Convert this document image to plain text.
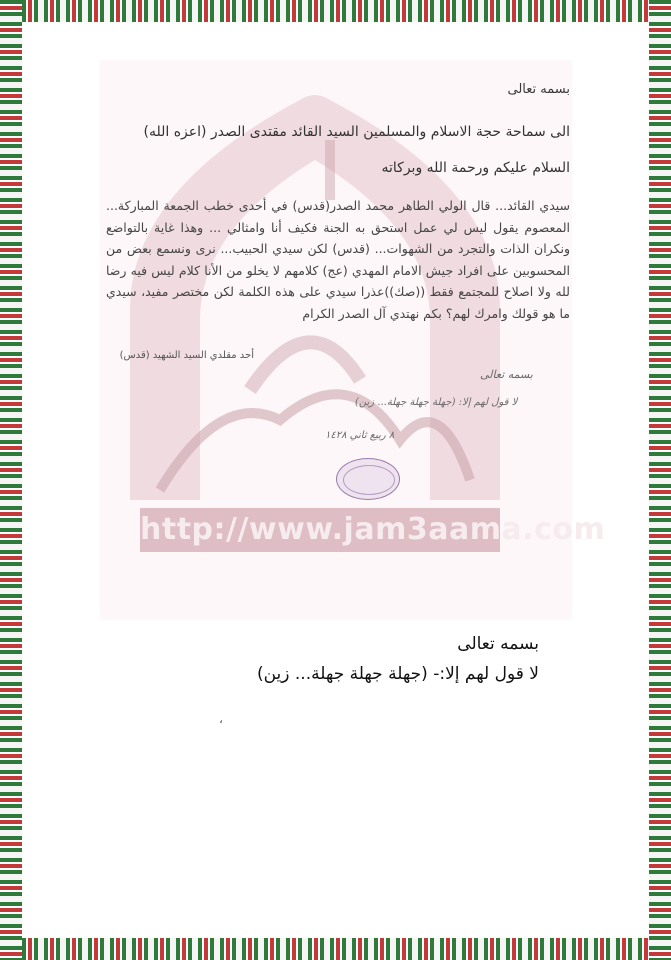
http://www.jam3aama.com
بسمه تعالى
الى سماحة حجة الاسلام والمسلمين السيد القائد مقتدى الصدر (اعزه الله)
السلام عليكم ورحمة الله وبركاته
سيدي القائد... قال الولي الطاهر محمد الصدر(قدس) في أحدى خطب الجمعة المباركة... المعصوم يقول ليس لي عمل استحق به الجنة فكيف أنا وامثالي ... وهذا غاية بالتواضع ونكران الذات والتجرد من الشهوات... (قدس) لكن سيدي الحبيب... نرى ونسمع بعض من المحسوبين على افراد جيش الامام المهدي (عج) كلامهم لا يخلو من الأنا كلام ليس فيه رضا لله ولا اصلاح للمجتمع فقط ((صك))عذرا سيدي على هذه الكلمة لكن مختصر مفيد، سيدي ما هو قولك وامرك لهم؟ بكم نهتدي آل الصدر الكرام
أحد مقلدي السيد الشهيد (قدس)
بسمه تعالى
لا قول لهم إلا: (جهلة جهلة جهلة... زين)
٨ ربيع ثاني ١٤٢٨
بسمه تعالى
لا قول لهم إلا:- (جهلة جهلة جهلة... زين)
،
